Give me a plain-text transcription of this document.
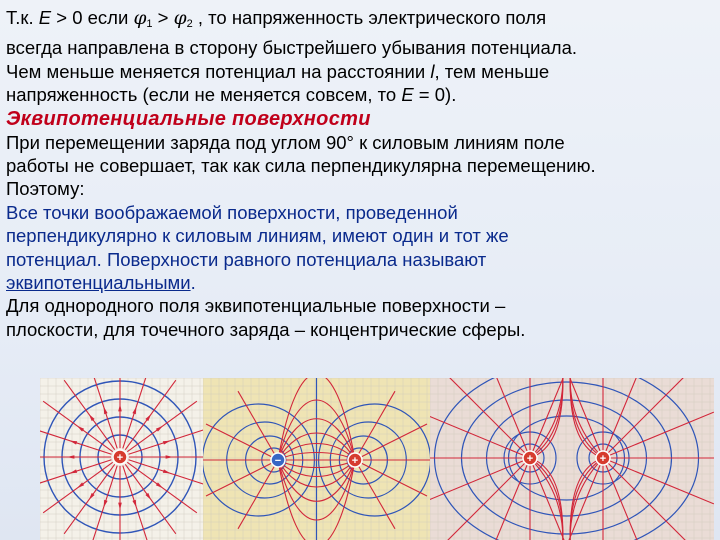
Т.к. E > 0 если $\varphi_1 > \varphi_2$ , то напряженность электрического поля
всегда направлена в сторону быстрейшего убывания потенциала.
Чем меньше меняется потенциал на расстоянии l, тем меньше
напряженность (если не меняется совсем, то E = 0).
Эквипотенциальные поверхности
При перемещении заряда под углом 90° к силовым линиям поле
работы не совершает, так как сила перпендикулярна перемещению.
Поэтому:
Все точки воображаемой поверхности, проведенной
перпендикулярно к силовым линиям, имеют один и тот же
потенциал. Поверхности равного потенциала называют
эквипотенциальными.
Для однородного поля эквипотенциальные поверхности –
плоскости, для точечного заряда – концентрические сферы.
+	−	+	+	+
